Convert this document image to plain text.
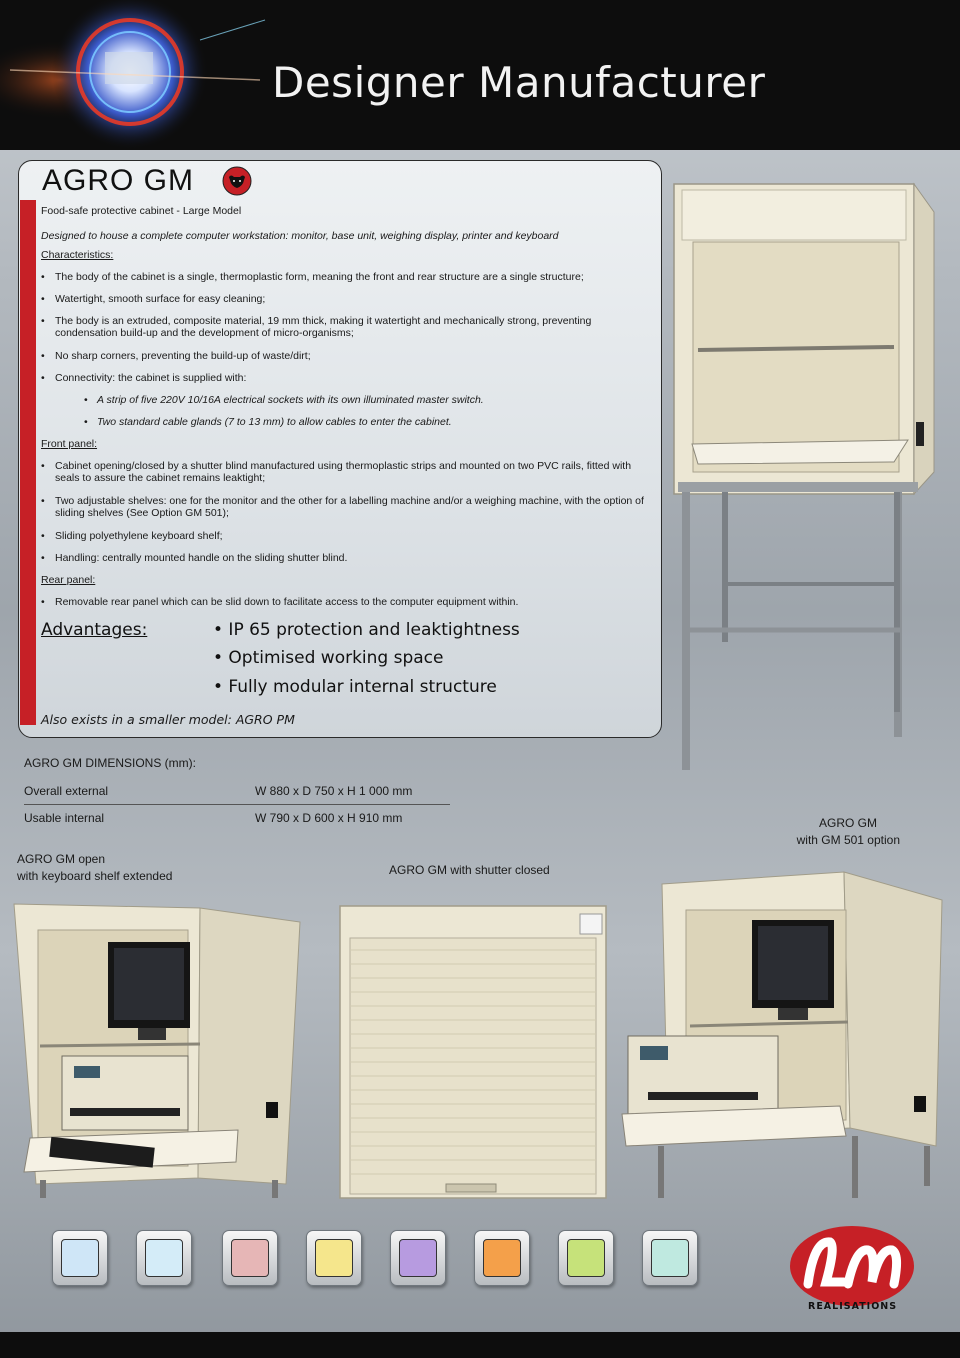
Designer Manufacturer
AGRO GM
Food-safe protective cabinet - Large Model
Designed to house a complete computer workstation: monitor, base unit, weighing display, printer and keyboard
Characteristics:
• The body of the cabinet is a single, thermoplastic form, meaning the front and rear structure are a single structure;
• Watertight, smooth surface for easy cleaning;
• The body is an extruded, composite material, 19 mm thick, making it watertight and mechanically strong, preventing condensation build-up and the development of micro-organisms;
• No sharp corners, preventing the build-up of waste/dirt;
• Connectivity: the cabinet is supplied with:
• A strip of five 220V 10/16A electrical sockets with its own illuminated master switch.
• Two standard cable glands (7 to 13 mm) to allow cables to enter the cabinet.
Front panel:
• Cabinet opening/closed by a shutter blind manufactured using thermoplastic strips and mounted on two PVC rails, fitted with seals to assure the cabinet remains leaktight;
• Two adjustable shelves: one for the monitor and the other for a labelling machine and/or a weighing machine, with the option of sliding shelves (See Option GM 501);
• Sliding polyethylene keyboard shelf;
• Handling: centrally mounted handle on the sliding shutter blind.
Rear panel:
• Removable rear panel which can be slid down to facilitate access to the computer equipment within.
Advantages:	• IP 65 protection and leaktightness
• Optimised working space
• Fully modular internal structure
Also exists in a smaller model: AGRO PM
AGRO GM DIMENSIONS (mm):
Overall external	W 880 x D 750 x H 1 000 mm
Usable internal	W 790 x D 600 x H 910 mm
AGRO GM open
with keyboard shelf extended	AGRO GM with shutter closed
AGRO GM
with GM 501 option
REALISATIONS
